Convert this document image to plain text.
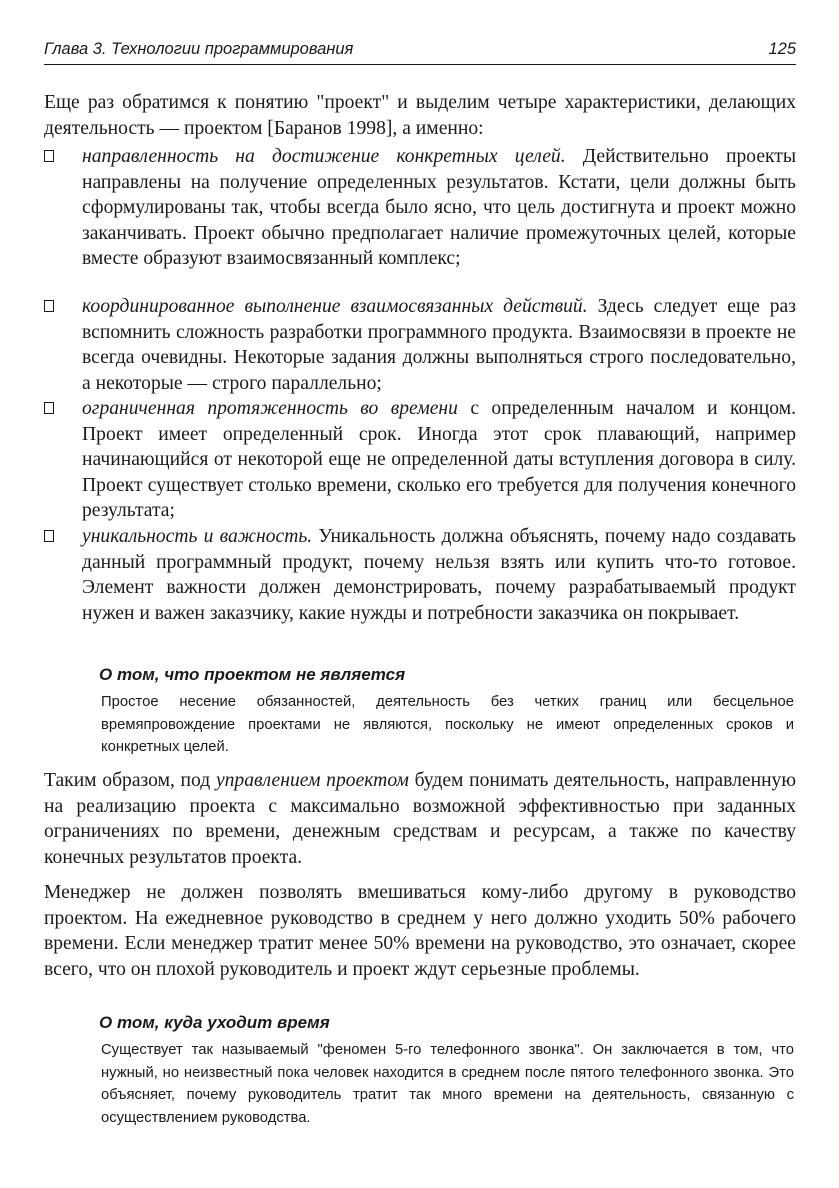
Глава 3. Технологии программирования	125

Еще раз обратимся к понятию "проект" и выделим четыре характеристики, делающих деятельность — проектом [Баранов 1998], а именно:

направленность на достижение конкретных целей. Действительно проекты направлены на получение определенных результатов. Кстати, цели должны быть сформулированы так, чтобы всегда было ясно, что цель достигнута и проект можно заканчивать. Проект обычно предполагает наличие промежуточных целей, которые вместе образуют взаимосвязанный комплекс;
координированное выполнение взаимосвязанных действий. Здесь следует еще раз вспомнить сложность разработки программного продукта. Взаимосвязи в проекте не всегда очевидны. Некоторые задания должны выполняться строго последовательно, а некоторые — строго параллельно;
ограниченная протяженность во времени с определенным началом и концом. Проект имеет определенный срок. Иногда этот срок плавающий, например начинающийся от некоторой еще не определенной даты вступления договора в силу. Проект существует столько времени, сколько его требуется для получения конечного результата;
уникальность и важность. Уникальность должна объяснять, почему надо создавать данный программный продукт, почему нельзя взять или купить что-то готовое. Элемент важности должен демонстрировать, почему разрабатываемый продукт нужен и важен заказчику, какие нужды и потребности заказчика он покрывает.
О том, что проектом не является

Простое несение обязанностей, деятельность без четких границ или бесцельное времяпровождение проектами не являются, поскольку не имеют определенных сроков и конкретных целей.

Таким образом, под управлением проектом будем понимать деятельность, направленную на реализацию проекта с максимально возможной эффективностью при заданных ограничениях по времени, денежным средствам и ресурсам, а также по качеству конечных результатов проекта.

Менеджер не должен позволять вмешиваться кому-либо другому в руководство проектом. На ежедневное руководство в среднем у него должно уходить 50% рабочего времени. Если менеджер тратит менее 50% времени на руководство, это означает, скорее всего, что он плохой руководитель и проект ждут серьезные проблемы.

О том, куда уходит время

Существует так называемый "феномен 5-го телефонного звонка". Он заключается в том, что нужный, но неизвестный пока человек находится в среднем после пятого телефонного звонка. Это объясняет, почему руководитель тратит так много времени на деятельность, связанную с осуществлением руководства.
